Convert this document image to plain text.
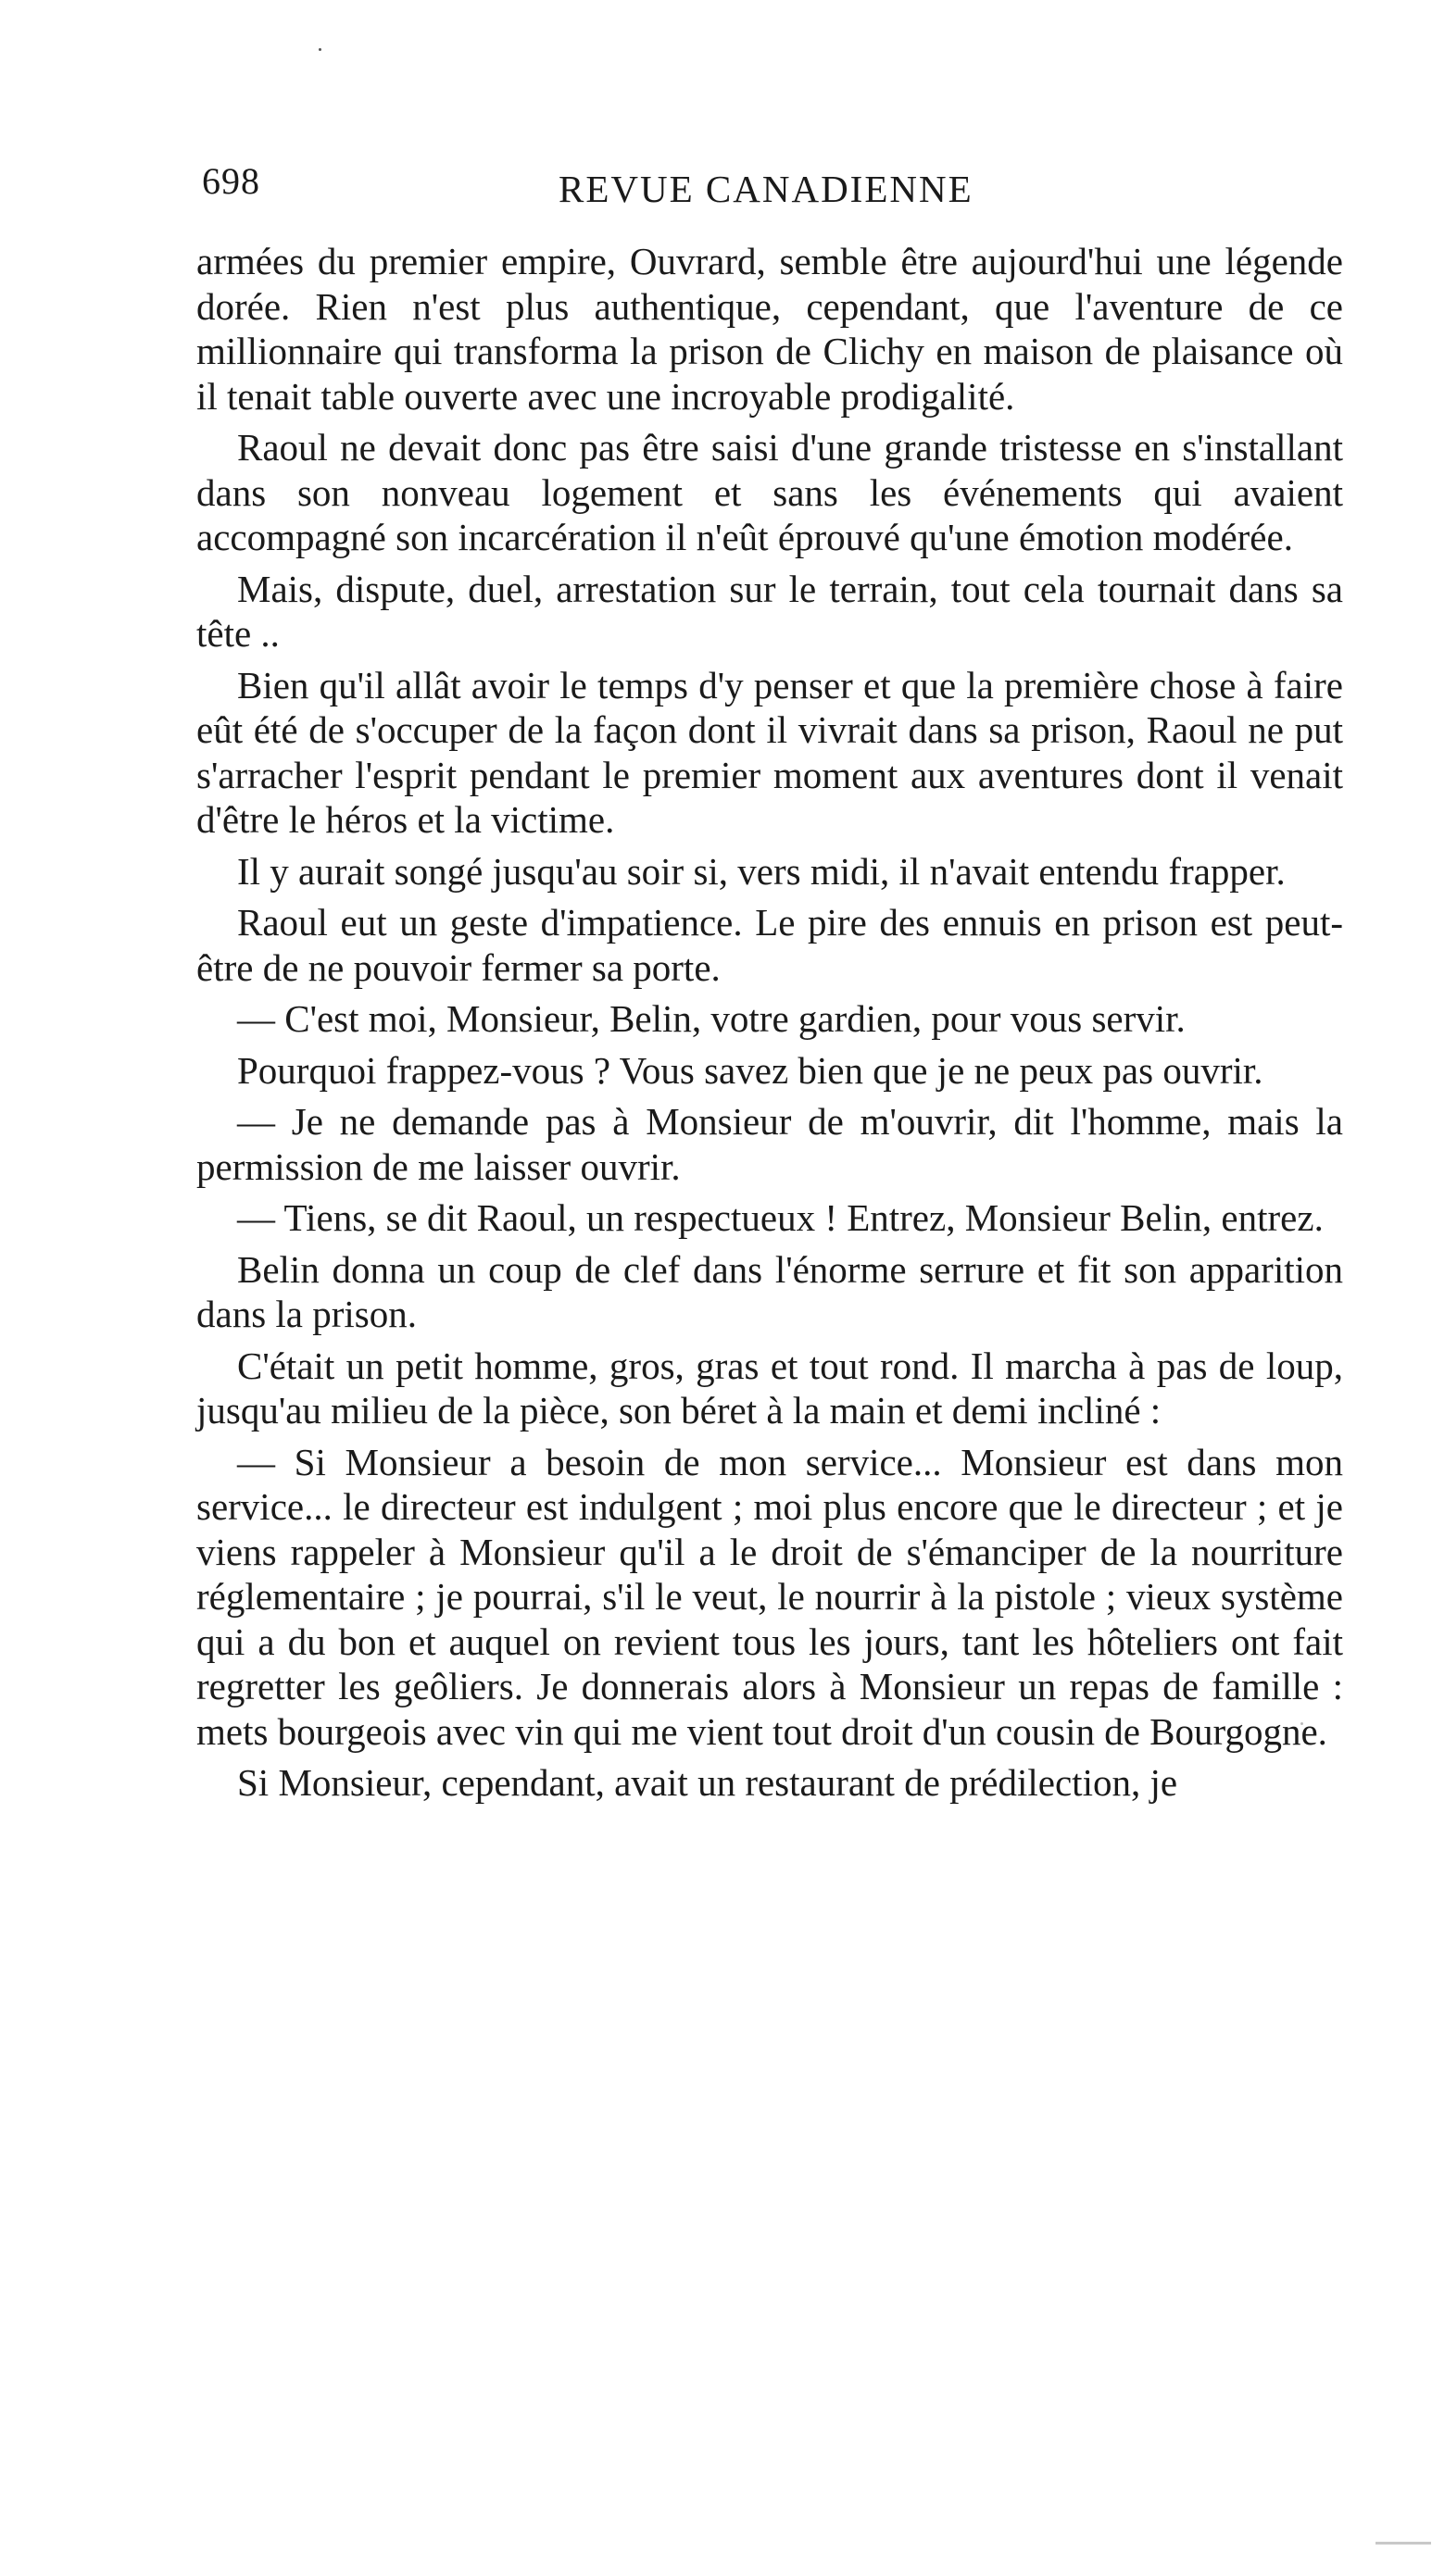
698	REVUE CANADIENNE

armées du premier empire, Ouvrard, semble être aujourd'hui une légende dorée. Rien n'est plus authentique, cependant, que l'aventure de ce millionnaire qui transforma la prison de Clichy en maison de plaisance où il tenait table ouverte avec une incroyable prodigalité.

Raoul ne devait donc pas être saisi d'une grande tristesse en s'installant dans son nonveau logement et sans les événements qui avaient accompagné son incarcération il n'eût éprouvé qu'une émotion modérée.

Mais, dispute, duel, arrestation sur le terrain, tout cela tournait dans sa tête ..

Bien qu'il allât avoir le temps d'y penser et que la première chose à faire eût été de s'occuper de la façon dont il vivrait dans sa prison, Raoul ne put s'arracher l'esprit pendant le premier moment aux aventures dont il venait d'être le héros et la victime.

Il y aurait songé jusqu'au soir si, vers midi, il n'avait entendu frapper.

Raoul eut un geste d'impatience. Le pire des ennuis en prison est peut-être de ne pouvoir fermer sa porte.

— C'est moi, Monsieur, Belin, votre gardien, pour vous servir.

Pourquoi frappez-vous ? Vous savez bien que je ne peux pas ouvrir.

— Je ne demande pas à Monsieur de m'ouvrir, dit l'homme, mais la permission de me laisser ouvrir.

— Tiens, se dit Raoul, un respectueux ! Entrez, Monsieur Belin, entrez.

Belin donna un coup de clef dans l'énorme serrure et fit son apparition dans la prison.

C'était un petit homme, gros, gras et tout rond. Il marcha à pas de loup, jusqu'au milieu de la pièce, son béret à la main et demi incliné :

— Si Monsieur a besoin de mon service... Monsieur est dans mon service... le directeur est indulgent ; moi plus encore que le directeur ; et je viens rappeler à Monsieur qu'il a le droit de s'émanciper de la nourriture réglementaire ; je pourrai, s'il le veut, le nourrir à la pistole ; vieux système qui a du bon et auquel on revient tous les jours, tant les hôteliers ont fait regretter les geôliers. Je donnerais alors à Monsieur un repas de famille : mets bourgeois avec vin qui me vient tout droit d'un cousin de Bourgogne.

Si Monsieur, cependant, avait un restaurant de prédilection, je
